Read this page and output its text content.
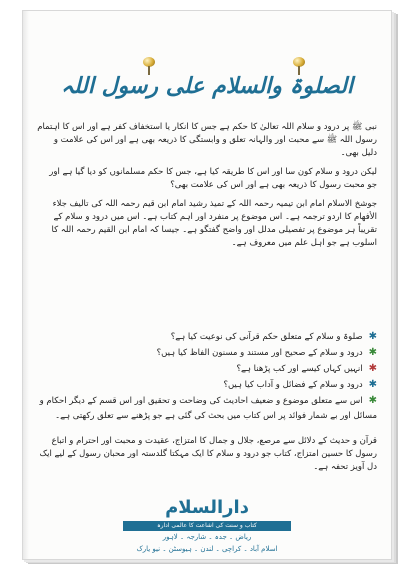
الصلوۃ والسلام علی رسول اللہ

نبی ﷺ پر درود و سلام اللہ تعالیٰ کا حکم ہے جس کا انکار یا استخفاف کفر ہے اور اس کا اہتمام رسول اللہ ﷺ سے محبت اور والہانہ تعلق و وابستگی کا ذریعہ بھی ہے اور اس کی علامت و دلیل بھی۔

لیکن درود و سلام کون سا اور اس کا طریقہ کیا ہے، جس کا حکم مسلمانوں کو دیا گیا ہے اور جو محبت رسول کا ذریعہ بھی ہے اور اس کی علامت بھی؟

جوشخ الاسلام امام ابن تیمیہ رحمہ اللہ کے تمیذ رشید امام ابن قیم رحمہ اللہ کی تالیف جلاء الأفهام کا اردو ترجمہ ہے۔ اس موضوع پر منفرد اور اہم کتاب ہے۔ اس میں درود و سلام کے تقریباً ہر موضوع پر تفصیلی مدلل اور واضح گفتگو ہے۔ جیسا کہ امام ابن القیم رحمہ اللہ کا اسلوب ہے جو اہل علم میں معروف ہے۔

✱صلوۃ و سلام کے متعلق حکم قرآنی کی نوعیت کیا ہے؟
✱درود و سلام کے صحیح اور مستند و مسنون الفاظ کیا ہیں؟
✱انہیں کہاں کیسے اور کب پڑھنا ہے؟
✱درود و سلام کے فضائل و آداب کیا ہیں؟
✱اس سے متعلق موضوع و ضعیف احادیث کی وضاحت و تحقیق اور اس قسم کے دیگر احکام و مسائل اور بے شمار فوائد پر اس کتاب میں بحث کی گئی ہے جو پڑھنے سے تعلق رکھتی ہے۔

قرآن و حدیث کے دلائل سے مرصع، جلال و جمال کا امتزاج، عقیدت و محبت اور احترام و اتباع رسول کا حسین امتزاج، کتاب جو درود و سلام کا ایک مہکتا گلدستہ اور محبان رسول کے لیے ایک دل آویز تحفہ ہے۔

دارالسلام
کتاب و سنت کی اشاعت کا عالمی ادارہ
ریاض ۔ جدہ ۔ شارجہ ۔ لاہور
اسلام آباد ۔ کراچی ۔ لندن ۔ ہیوسٹن ۔ نیو یارک
